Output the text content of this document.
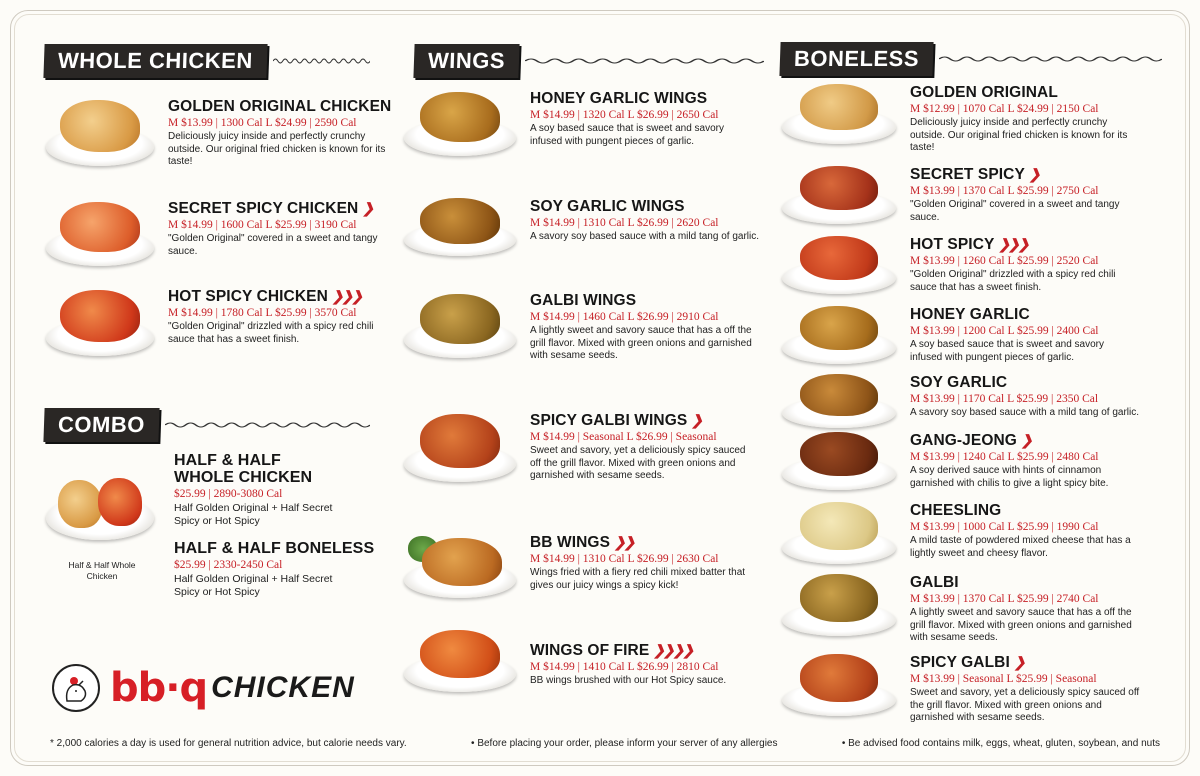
WHOLE CHICKEN	WINGS	BONELESS
COMBO
GOLDEN ORIGINAL CHICKEN
M $13.99 | 1300 Cal L $24.99 | 2590 Cal
Deliciously juicy inside and perfectly crunchy outside. Our original fried chicken is known for its taste!
SECRET SPICY CHICKEN ❯
M $14.99 | 1600 Cal L $25.99 | 3190 Cal
"Golden Original" covered in a sweet and tangy sauce.
HOT SPICY CHICKEN ❯❯❯
M $14.99 | 1780 Cal L $25.99 | 3570 Cal
"Golden Original" drizzled with a spicy red chili sauce that has a sweet finish.
HALF & HALF WHOLE CHICKEN
$25.99 | 2890-3080 Cal
Half Golden Original + Half Secret Spicy or Hot Spicy
Half & Half Whole Chicken
HALF & HALF BONELESS
$25.99 | 2330-2450 Cal
Half Golden Original + Half Secret Spicy or Hot Spicy
bb·q CHICKEN
HONEY GARLIC WINGS
M $14.99 | 1320 Cal L $26.99 | 2650 Cal
A soy based sauce that is sweet and savory infused with pungent pieces of garlic.
SOY GARLIC WINGS
M $14.99 | 1310 Cal L $26.99 | 2620 Cal
A savory soy based sauce with a mild tang of garlic.
GALBI WINGS
M $14.99 | 1460 Cal L $26.99 | 2910 Cal
A lightly sweet and savory sauce that has a off the grill flavor. Mixed with green onions and garnished with sesame seeds.
SPICY GALBI WINGS ❯
M $14.99 | Seasonal L $26.99 | Seasonal
Sweet and savory, yet a deliciously spicy sauced off the grill flavor. Mixed with green onions and garnished with sesame seeds.
BB WINGS ❯❯
M $14.99 | 1310 Cal L $26.99 | 2630 Cal
Wings fried with a fiery red chili mixed batter that gives our juicy wings a spicy kick!
WINGS OF FIRE ❯❯❯❯
M $14.99 | 1410 Cal L $26.99 | 2810 Cal
BB wings brushed with our Hot Spicy sauce.
GOLDEN ORIGINAL
M $12.99 | 1070 Cal L $24.99 | 2150 Cal
Deliciously juicy inside and perfectly crunchy outside. Our original fried chicken is known for its taste!
SECRET SPICY ❯
M $13.99 | 1370 Cal L $25.99 | 2750 Cal
"Golden Original" covered in a sweet and tangy sauce.
HOT SPICY ❯❯❯
M $13.99 | 1260 Cal L $25.99 | 2520 Cal
"Golden Original" drizzled with a spicy red chili sauce that has a sweet finish.
HONEY GARLIC
M $13.99 | 1200 Cal L $25.99 | 2400 Cal
A soy based sauce that is sweet and savory infused with pungent pieces of garlic.
SOY GARLIC
M $13.99 | 1170 Cal L $25.99 | 2350 Cal
A savory soy based sauce with a mild tang of garlic.
GANG-JEONG ❯
M $13.99 | 1240 Cal L $25.99 | 2480 Cal
A soy derived sauce with hints of cinnamon garnished with chilis to give a light spicy bite.
CHEESLING
M $13.99 | 1000 Cal L $25.99 | 1990 Cal
A mild taste of powdered mixed cheese that has a lightly sweet and cheesy flavor.
GALBI
M $13.99 | 1370 Cal L $25.99 | 2740 Cal
A lightly sweet and savory sauce that has a off the grill flavor. Mixed with green onions and garnished with sesame seeds.
SPICY GALBI ❯
M $13.99 | Seasonal L $25.99 | Seasonal
Sweet and savory, yet a deliciously spicy sauced off the grill flavor. Mixed with green onions and garnished with sesame seeds.
* 2,000 calories a day is used for general nutrition advice, but calorie needs vary.	• Before placing your order, please inform your server of any allergies	• Be advised food contains milk, eggs, wheat, gluten, soybean, and nuts
